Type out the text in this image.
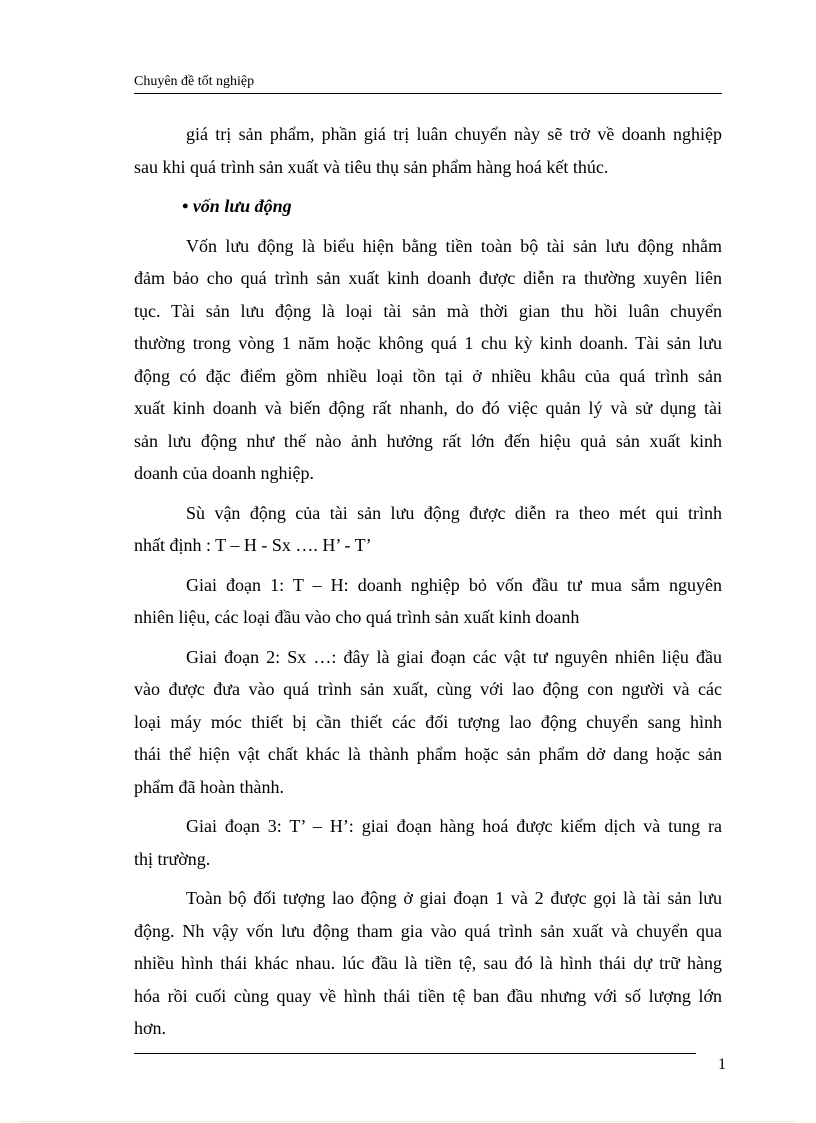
Chuyên đề tốt nghiệp
giá trị sản phẩm, phần giá trị luân chuyển này sẽ trở về doanh nghiệp
sau khi quá trình sản xuất và tiêu thụ sản phẩm hàng hoá kết thúc.
• vốn lưu động
Vốn lưu động là biểu hiện bằng tiền toàn bộ tài sản lưu động nhằm
đảm bảo cho quá trình sản xuất kinh doanh được diễn ra thường xuyên liên
tục. Tài sản lưu động là loại tài sản mà thời gian thu hồi luân chuyển
thường trong vòng 1 năm hoặc không quá 1 chu kỳ kinh doanh. Tài sản lưu
động có đặc điểm gồm nhiều loại tồn tại ở nhiều khâu của quá trình sản
xuất kinh doanh và biến động rất nhanh, do đó việc quản lý và sử dụng tài
sản lưu động như thế nào ảnh hưởng rất lớn đến hiệu quả sản xuất kinh
doanh của doanh nghiệp.
Sù vận động của tài sản lưu động được diễn ra theo mét qui trình
nhất định : T – H - Sx …. H’ - T’
Giai đoạn 1: T – H: doanh nghiệp bỏ vốn đầu tư mua sắm nguyên
nhiên liệu, các loại đầu vào cho quá trình sản xuất kinh doanh
Giai đoạn 2: Sx …: đây là giai đoạn các vật tư nguyên nhiên liệu đầu
vào được đưa vào quá trình sản xuất, cùng với lao động con người và các
loại máy móc thiết bị cần thiết các đối tượng lao động chuyển sang hình
thái thể hiện vật chất khác là thành phẩm hoặc sản phẩm dở dang hoặc sản
phẩm đã hoàn thành.
Giai đoạn 3: T’ – H’: giai đoạn hàng hoá được kiểm dịch và tung ra
thị trường.
Toàn bộ đối tượng lao động ở giai đoạn 1 và 2 được gọi là tài sản lưu
động. Nh vậy vốn lưu động tham gia vào quá trình sản xuất và chuyển qua
nhiều hình thái khác nhau. lúc đầu là tiền tệ, sau đó là hình thái dự trữ hàng
hóa rồi cuối cùng quay về hình thái tiền tệ ban đầu nhưng với số lượng lớn
hơn.
1
